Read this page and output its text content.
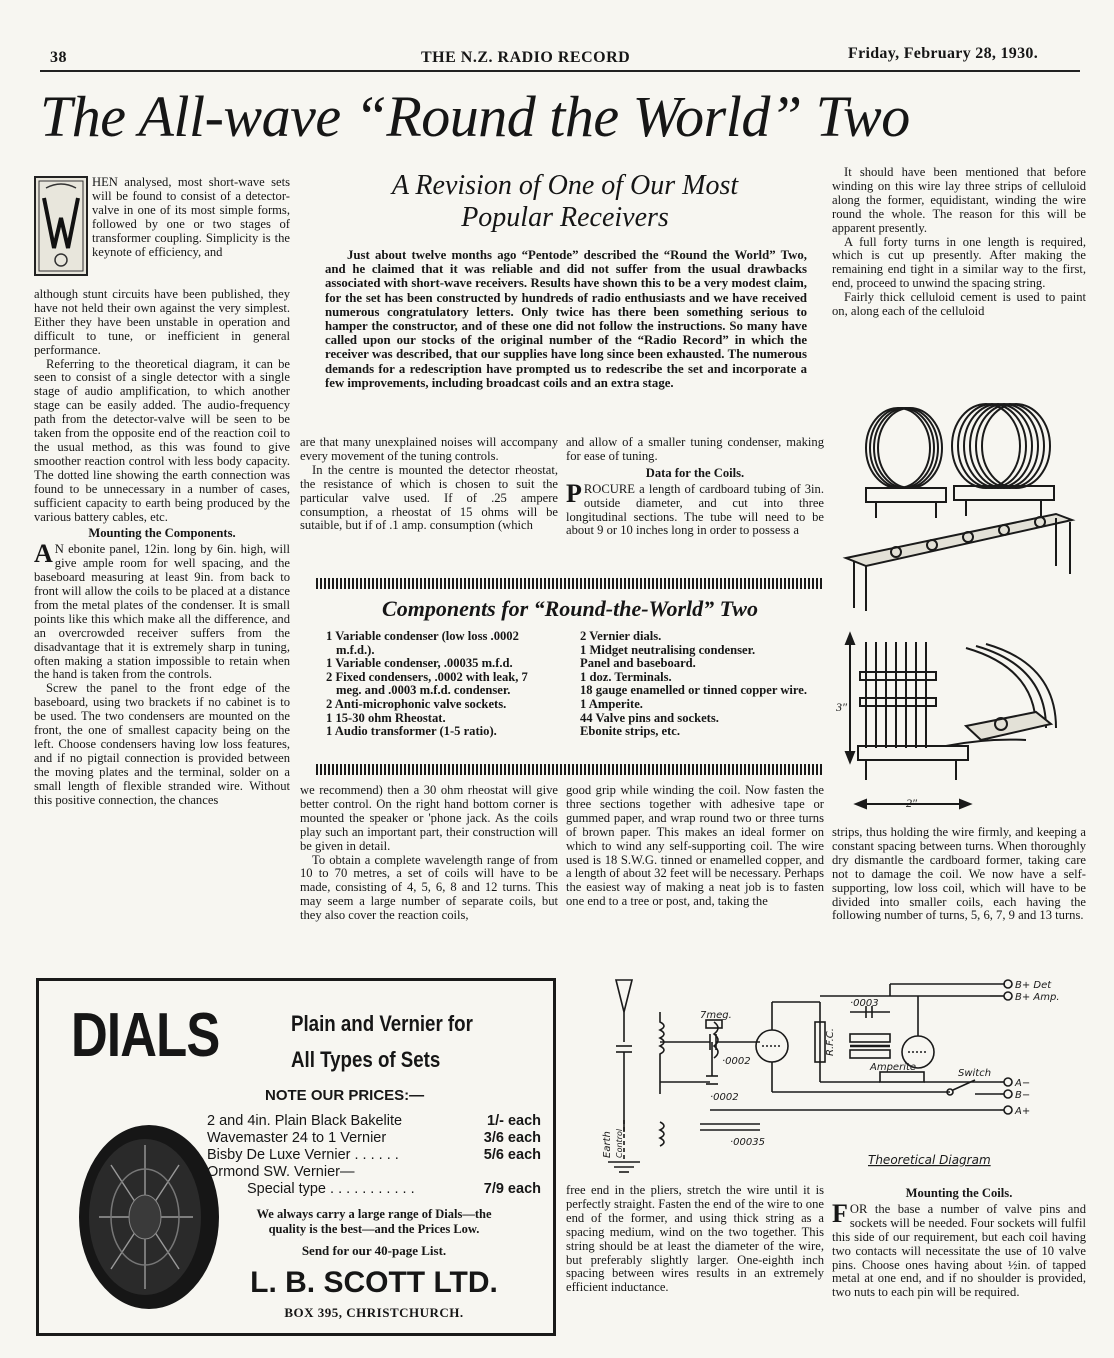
38	THE N.Z. RADIO RECORD	Friday, February 28, 1930.
The All-wave “Round the World” Two
A Revision of One of Our Most
Popular Receivers

Just about twelve months ago “Pentode” described the “Round the World” Two, and he claimed that it was reliable and did not suffer from the usual drawbacks associated with short-wave receivers. Results have shown this to be a very modest claim, for the set has been constructed by hundreds of radio enthusiasts and we have received numerous congratulatory letters. Only twice has there been something serious to hamper the constructor, and of these one did not follow the instructions. So many have called upon our stocks of the original number of the “Radio Record” in which the receiver was described, that our supplies have long since been exhausted. The numerous demands for a redescription have prompted us to redescribe the set and incorporate a few improvements, including broadcast coils and an extra stage.

HEN analysed, most short-wave sets will be found to consist of a detector-valve in one of its most simple forms, followed by one or two stages of transformer coupling. Simplicity is the keynote of efficiency, and

although stunt circuits have been published, they have not held their own against the very simplest. Either they have been unstable in operation and difficult to tune, or inefficient in general performance.

Referring to the theoretical diagram, it can be seen to consist of a single detector with a single stage of audio amplification, to which another stage can be easily added. The audio-frequency path from the detector-valve will be seen to be taken from the opposite end of the reaction coil to the usual method, as this was found to give smoother reaction control with less body capacity. The dotted line showing the earth connection was found to be unnecessary in a number of cases, sufficient capacity to earth being produced by the various battery cables, etc.

Mounting the Components.

A N ebonite panel, 12in. long by 6in. high, will give ample room for well spacing, and the baseboard measuring at least 9in. from back to front will allow the coils to be placed at a distance from the metal plates of the condenser. It is small points like this which make all the difference, and an overcrowded receiver suffers from the disadvantage that it is extremely sharp in tuning, often making a station impossible to retain when the hand is taken from the controls.

Screw the panel to the front edge of the baseboard, using two brackets if no cabinet is to be used. The two condensers are mounted on the front, the one of smallest capacity being on the left. Choose condensers having low loss features, and if no pigtail connection is provided between the moving plates and the terminal, solder on a small length of flexible stranded wire. Without this positive connection, the chances

are that many unexplained noises will accompany every movement of the tuning controls.

In the centre is mounted the detector rheostat, the resistance of which is chosen to suit the particular valve used. If of .25 ampere consumption, a rheostat of 15 ohms will be sutaible, but if of .1 amp. consumption (which

and allow of a smaller tuning condenser, making for ease of tuning.

Data for the Coils.

PROCURE a length of cardboard tubing of 3in. outside diameter, and cut into three longitudinal sections. The tube will need to be about 9 or 10 inches long in order to possess a

Components for “Round-the-World” Two
1 Variable condenser (low loss .0002 m.f.d.).
1 Variable condenser, .00035 m.f.d.
2 Fixed condensers, .0002 with leak, 7 meg. and .0003 m.f.d. condenser.
2 Anti-microphonic valve sockets.
1 15-30 ohm Rheostat.
1 Audio transformer (1-5 ratio).
2 Vernier dials.
1 Midget neutralising condenser.
Panel and baseboard.
1 doz. Terminals.
18 gauge enamelled or tinned copper wire.
1 Amperite.
44 Valve pins and sockets.
Ebonite strips, etc.

we recommend) then a 30 ohm rheostat will give better control. On the right hand bottom corner is mounted the speaker or 'phone jack. As the coils play such an important part, their construction will be given in detail.

To obtain a complete wavelength range of from 10 to 70 metres, a set of coils will have to be made, consisting of 4, 5, 6, 8 and 12 turns. This may seem a large number of separate coils, but they also cover the reaction coils,

good grip while winding the coil. Now fasten the three sections together with adhesive tape or gummed paper, and wrap round two or three turns of brown paper. This makes an ideal former on which to wind any self-supporting coil. The wire used is 18 S.W.G. tinned or enamelled copper, and a length of about 32 feet will be necessary. Perhaps the easiest way of making a neat job is to fasten one end to a tree or post, and, taking the

It should have been mentioned that before winding on this wire lay three strips of celluloid along the former, equidistant, winding the wire round the whole. The reason for this will be apparent presently.

A full forty turns in one length is required, which is cut up presently. After making the remaining end tight in a similar way to the first, end, proceed to unwind the spacing string.

Fairly thick celluloid cement is used to paint on, along each of the celluloid

3″
2″

strips, thus holding the wire firmly, and keeping a constant spacing between turns. When thoroughly dry dismantle the cardboard former, taking care not to damage the coil. We now have a self-supporting, low loss coil, which will have to be divided into smaller coils, each having the following number of turns, 5, 6, 7, 9 and 13 turns.

DIALS	Plain and Vernier for
All Types of Sets
NOTE OUR PRICES:—
2 and 4in. Plain Black Bakelite	1/- each
Wavemaster 24 to 1 Vernier	3/6 each
Bisby De Luxe Vernier . . . . . .	5/6 each
Ormond SW. Vernier—
Special type . . . . . . . . . . .	7/9 each
We always carry a large range of Dials—the
quality is the best—and the Prices Low.
Send for our 40-page List.
L. B. SCOTT LTD.
BOX 395, CHRISTCHURCH.
7meg.
·0002
·0002
·00035
·0003
R.F.C.
Amperite
Switch
Earth Control
B+ Det
B+ Amp.
A−
B−
A+
Theoretical Diagram

free end in the pliers, stretch the wire until it is perfectly straight. Fasten the end of the wire to one end of the former, and using thick string as a spacing medium, wind on the two together. This string should be at least the diameter of the wire, but preferably slightly larger. One-eighth inch spacing between wires results in an extremely efficient inductance.

Mounting the Coils.

FOR the base a number of valve pins and sockets will be needed. Four sockets will fulfil this side of our requirement, but each coil having two contacts will necessitate the use of 10 valve pins. Choose ones having about ½in. of tapped metal at one end, and if no shoulder is provided, two nuts to each pin will be required.
